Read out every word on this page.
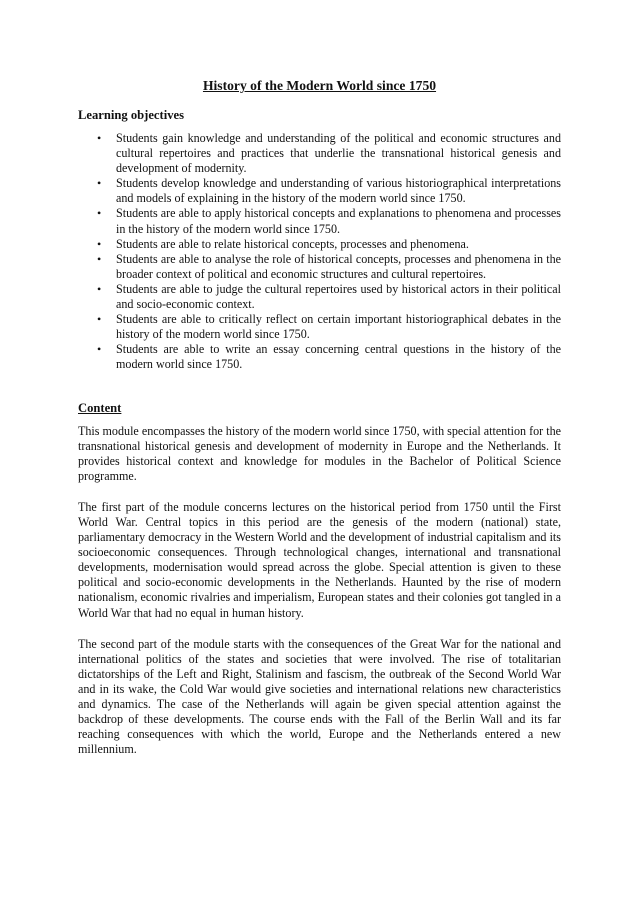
History of the Modern World since 1750
Learning objectives
• Students gain knowledge and understanding of the political and economic structures and cultural repertoires and practices that underlie the transnational historical genesis and development of modernity.
• Students develop knowledge and understanding of various historiographical interpretations and models of explaining in the history of the modern world since 1750.
• Students are able to apply historical concepts and explanations to phenomena and processes in the history of the modern world since 1750.
• Students are able to relate historical concepts, processes and phenomena.
• Students are able to analyse the role of historical concepts, processes and phenomena in the broader context of political and economic structures and cultural repertoires.
• Students are able to judge the cultural repertoires used by historical actors in their political and socio-economic context.
• Students are able to critically reflect on certain important historiographical debates in the history of the modern world since 1750.
• Students are able to write an essay concerning central questions in the history of the modern world since 1750.
Content

This module encompasses the history of the modern world since 1750, with special attention for the transnational historical genesis and development of modernity in Europe and the Netherlands. It provides historical context and knowledge for modules in the Bachelor of Political Science programme.

The first part of the module concerns lectures on the historical period from 1750 until the First World War. Central topics in this period are the genesis of the modern (national) state, parliamentary democracy in the Western World and the development of industrial capitalism and its socioeconomic consequences. Through technological changes, international and transnational developments, modernisation would spread across the globe. Special attention is given to these political and socio-economic developments in the Netherlands. Haunted by the rise of modern nationalism, economic rivalries and imperialism, European states and their colonies got tangled in a World War that had no equal in human history.

The second part of the module starts with the consequences of the Great War for the national and international politics of the states and societies that were involved. The rise of totalitarian dictatorships of the Left and Right, Stalinism and fascism, the outbreak of the Second World War and in its wake, the Cold War would give societies and international relations new characteristics and dynamics. The case of the Netherlands will again be given special attention against the backdrop of these developments. The course ends with the Fall of the Berlin Wall and its far reaching consequences with which the world, Europe and the Netherlands entered a new millennium.
